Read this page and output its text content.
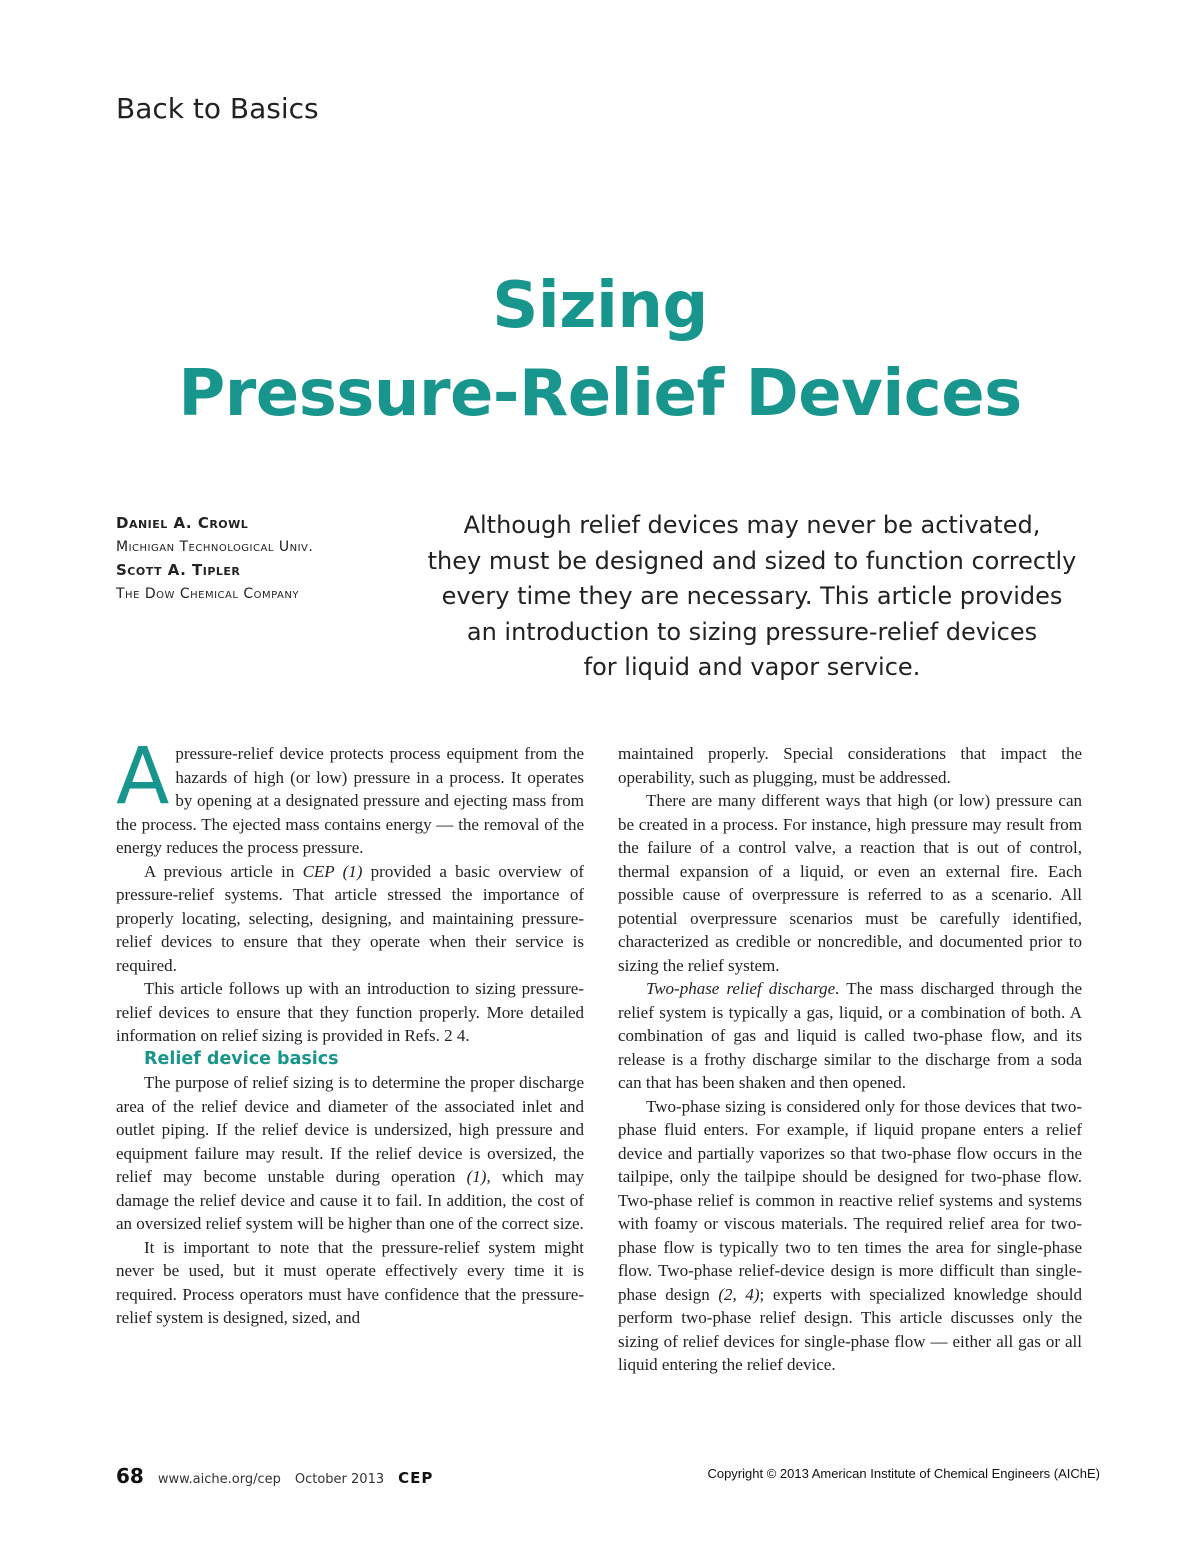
Back to Basics
Sizing
Pressure-Relief Devices
Daniel A. Crowl
Michigan Technological Univ.
Scott A. Tipler
The Dow Chemical Company
Although relief devices may never be activated,
they must be designed and sized to function correctly
every time they are necessary. This article provides
an introduction to sizing pressure-relief devices
for liquid and vapor service.

Apressure-relief device protects process equipment from the hazards of high (or low) pressure in a process. It operates by opening at a designated pressure and ejecting mass from the process. The ejected mass contains energy — the removal of the energy reduces the process pressure.

A previous article in CEP (1) provided a basic overview of pressure-relief systems. That article stressed the importance of properly locating, selecting, designing, and maintaining pressure-relief devices to ensure that they operate when their service is required.

This article follows up with an introduction to sizing pressure-relief devices to ensure that they function properly. More detailed information on relief sizing is provided in Refs. 2 4.

Relief device basics

The purpose of relief sizing is to determine the proper discharge area of the relief device and diameter of the associated inlet and outlet piping. If the relief device is undersized, high pressure and equipment failure may result. If the relief device is oversized, the relief may become unstable during operation (1), which may damage the relief device and cause it to fail. In addition, the cost of an oversized relief system will be higher than one of the correct size.

It is important to note that the pressure-relief system might never be used, but it must operate effectively every time it is required. Process operators must have confidence that the pressure-relief system is designed, sized, and

maintained properly. Special considerations that impact the operability, such as plugging, must be addressed.

There are many different ways that high (or low) pressure can be created in a process. For instance, high pressure may result from the failure of a control valve, a reaction that is out of control, thermal expansion of a liquid, or even an external fire. Each possible cause of overpressure is referred to as a scenario. All potential overpressure scenarios must be carefully identified, characterized as credible or noncredible, and documented prior to sizing the relief system.

Two-phase relief discharge. The mass discharged through the relief system is typically a gas, liquid, or a combination of both. A combination of gas and liquid is called two-phase flow, and its release is a frothy discharge similar to the discharge from a soda can that has been shaken and then opened.

Two-phase sizing is considered only for those devices that two-phase fluid enters. For example, if liquid propane enters a relief device and partially vaporizes so that two-phase flow occurs in the tailpipe, only the tailpipe should be designed for two-phase flow. Two-phase relief is common in reactive relief systems and systems with foamy or viscous materials. The required relief area for two-phase flow is typically two to ten times the area for single-phase flow. Two-phase relief-device design is more difficult than single-phase design (2, 4); experts with specialized knowledge should perform two-phase relief design. This article discusses only the sizing of relief devices for single-phase flow — either all gas or all liquid entering the relief device.

68 www.aiche.org/cep October 2013 CEP	Copyright © 2013 American Institute of Chemical Engineers (AIChE)
